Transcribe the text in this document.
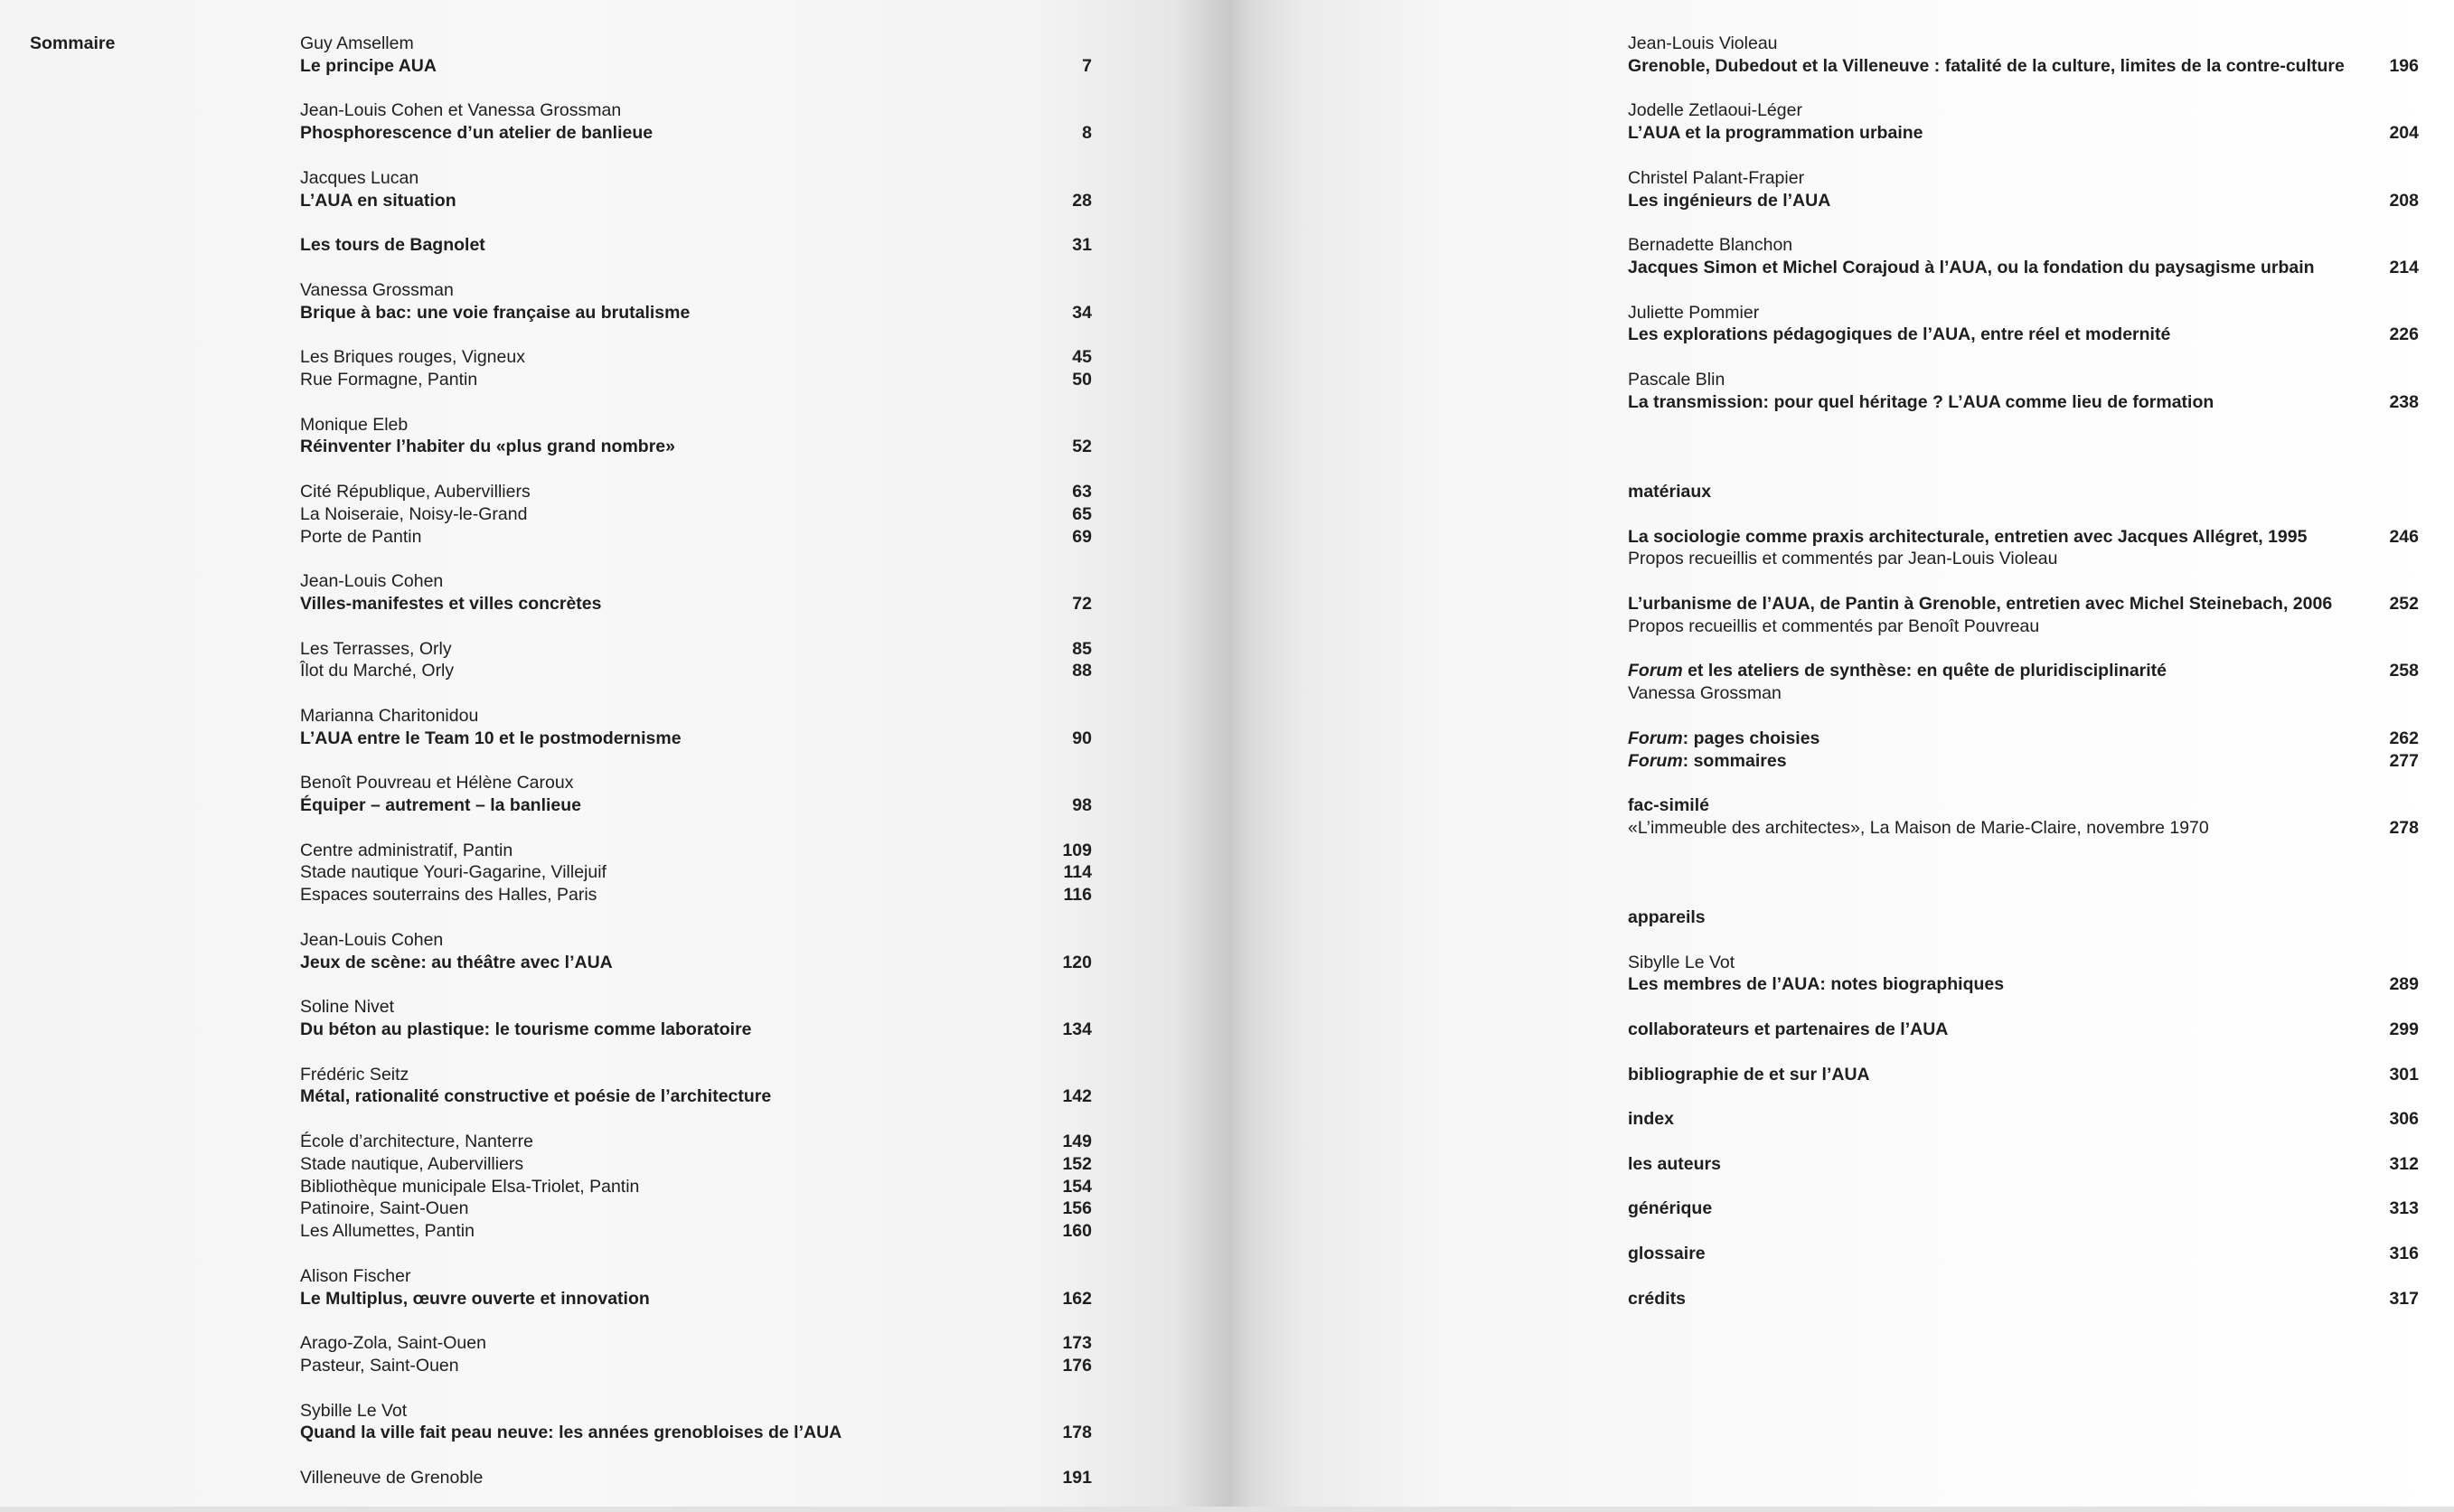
Sommaire	Guy Amsellem
Le principe AUA	7
Jean-Louis Cohen et Vanessa Grossman
Phosphorescence d’un atelier de banlieue	8
Jacques Lucan
L’AUA en situation	28
Les tours de Bagnolet	31
Vanessa Grossman
Brique à bac: une voie française au brutalisme	34
Les Briques rouges, Vigneux	45
Rue Formagne, Pantin	50
Monique Eleb
Réinventer l’habiter du «plus grand nombre»	52
Cité République, Aubervilliers	63
La Noiseraie, Noisy-le-Grand	65
Porte de Pantin	69
Jean-Louis Cohen
Villes-manifestes et villes concrètes	72
Les Terrasses, Orly	85
Îlot du Marché, Orly	88
Marianna Charitonidou
L’AUA entre le Team 10 et le postmodernisme	90
Benoît Pouvreau et Hélène Caroux
Équiper – autrement – la banlieue	98
Centre administratif, Pantin	109
Stade nautique Youri-Gagarine, Villejuif	114
Espaces souterrains des Halles, Paris	116
Jean-Louis Cohen
Jeux de scène: au théâtre avec l’AUA	120
Soline Nivet
Du béton au plastique: le tourisme comme laboratoire	134
Frédéric Seitz
Métal, rationalité constructive et poésie de l’architecture	142
École d’architecture, Nanterre	149
Stade nautique, Aubervilliers	152
Bibliothèque municipale Elsa-Triolet, Pantin	154
Patinoire, Saint-Ouen	156
Les Allumettes, Pantin	160
Alison Fischer
Le Multiplus, œuvre ouverte et innovation	162
Arago-Zola, Saint-Ouen	173
Pasteur, Saint-Ouen	176
Sybille Le Vot
Quand la ville fait peau neuve: les années grenobloises de l’AUA	178
Villeneuve de Grenoble	191
Jean-Louis Violeau
Grenoble, Dubedout et la Villeneuve : fatalité de la culture, limites de la contre-culture	196
Jodelle Zetlaoui-Léger
L’AUA et la programmation urbaine	204
Christel Palant-Frapier
Les ingénieurs de l’AUA	208
Bernadette Blanchon
Jacques Simon et Michel Corajoud à l’AUA, ou la fondation du paysagisme urbain	214
Juliette Pommier
Les explorations pédagogiques de l’AUA, entre réel et modernité	226
Pascale Blin
La transmission: pour quel héritage ? L’AUA comme lieu de formation	238
matériaux
La sociologie comme praxis architecturale, entretien avec Jacques Allégret, 1995	246
Propos recueillis et commentés par Jean-Louis Violeau
L’urbanisme de l’AUA, de Pantin à Grenoble, entretien avec Michel Steinebach, 2006	252
Propos recueillis et commentés par Benoît Pouvreau
Forum et les ateliers de synthèse: en quête de pluridisciplinarité	258
Vanessa Grossman
Forum: pages choisies	262
Forum: sommaires	277
fac-similé
«L’immeuble des architectes», La Maison de Marie-Claire, novembre 1970	278
appareils
Sibylle Le Vot
Les membres de l’AUA: notes biographiques	289
collaborateurs et partenaires de l’AUA	299
bibliographie de et sur l’AUA	301
index	306
les auteurs	312
générique	313
glossaire	316
crédits	317
